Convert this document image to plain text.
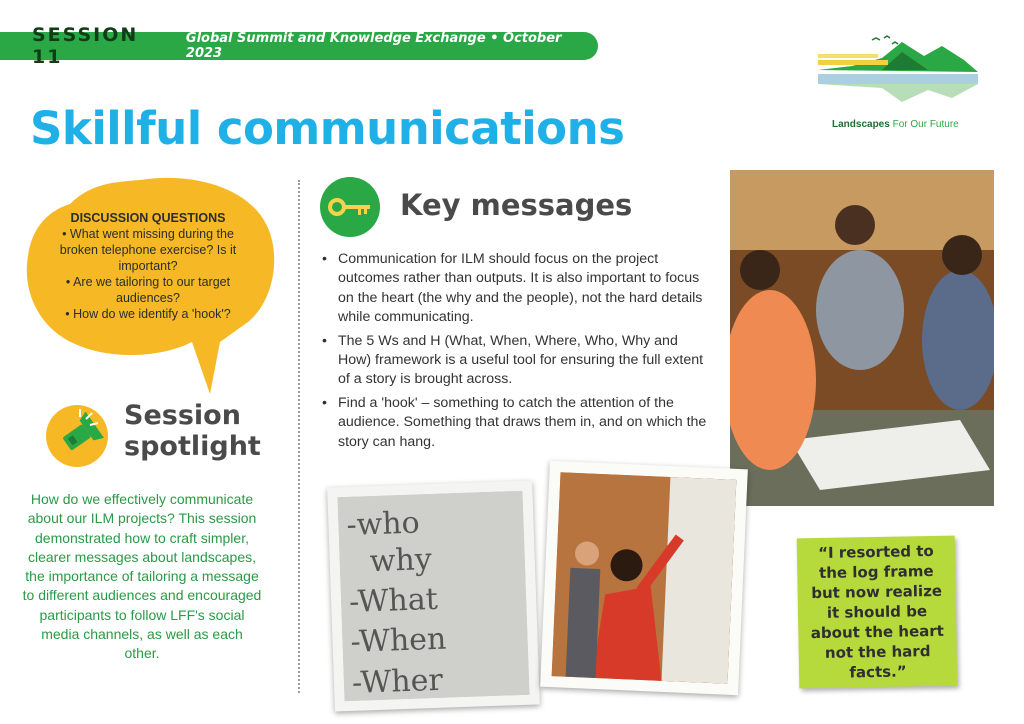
SESSION 11
Global Summit and Knowledge Exchange • October 2023
Skillful communications	Landscapes For Our Future
DISCUSSION QUESTIONS
• What went missing during the broken telephone exercise? Is it important?
• Are we tailoring to our target audiences?
• How do we identify a 'hook'?
Session
spotlight

How do we effectively communicate about our ILM projects? This session demonstrated how to craft simpler, clearer messages about landscapes, the importance of tailoring a message to different audiences and encouraged participants to follow LFF's social media channels, as well as each other.

Key messages
• Communication for ILM should focus on the project outcomes rather than outputs. It is also important to focus on the heart (the why and the people), not the hard details while communicating.
• The 5 Ws and H (What, When, Where, Who, Why and How) framework is a useful tool for ensuring the full extent of a story is brought across.
• Find a 'hook' – something to catch the attention of the audience. Something that draws them in, and on which the story can hang.
-who
why
-What
-When
-Wher
“I resorted to the log frame but now realize it should be about the heart not the hard facts.”
